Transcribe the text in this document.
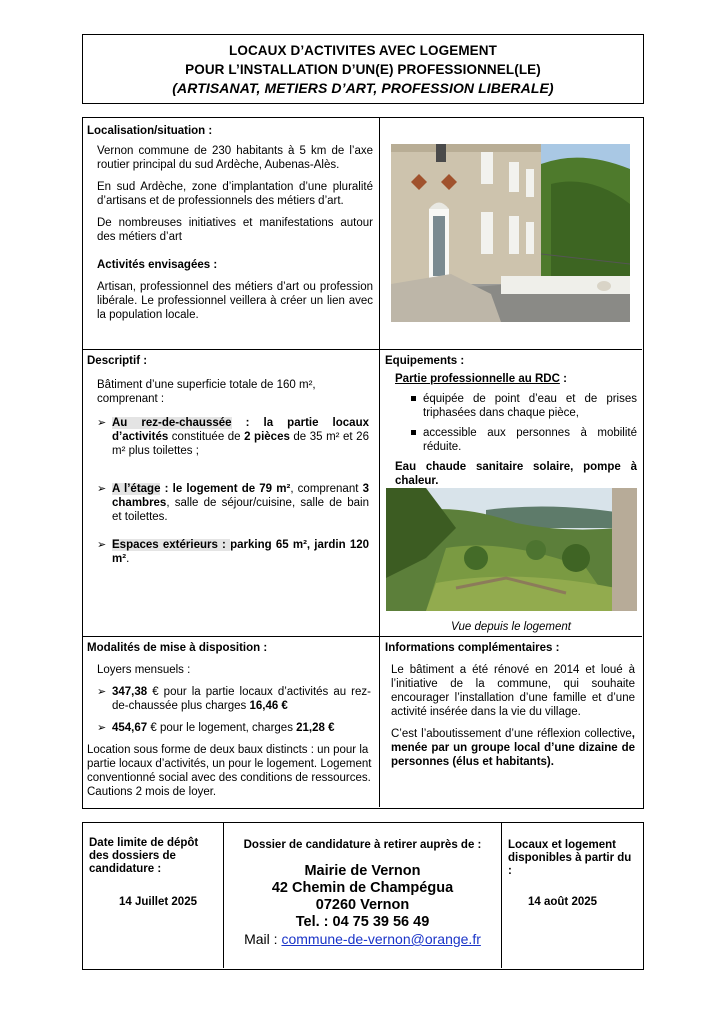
LOCAUX D’ACTIVITES AVEC LOGEMENT
POUR L’INSTALLATION D’UN(E) PROFESSIONNEL(LE)
(ARTISANAT, METIERS D’ART, PROFESSION LIBERALE)
Localisation/situation :

Vernon commune de 230 habitants à 5 km de l’axe routier principal du sud Ardèche, Aubenas-Alès.

En sud Ardèche, zone d’implantation d’une pluralité d’artisans et de professionnels des métiers d’art.

De nombreuses initiatives et manifestations autour des métiers d’art

Activités envisagées :

Artisan, professionnel des métiers d’art ou profession libérale. Le professionnel veillera à créer un lien avec la population locale.

Descriptif :
Bâtiment d’une superficie totale de 160 m², comprenant :
➢ Au rez-de-chaussée : la partie locaux d’activités constituée de 2 pièces de 35 m² et 26 m² plus toilettes ;
➢ A l’étage : le logement de 79 m², comprenant 3 chambres, salle de séjour/cuisine, salle de bain et toilettes.
➢ Espaces extérieurs : parking 65 m², jardin 120 m².
Equipements :
Partie professionnelle au RDC :
équipée de point d’eau et de prises triphasées dans chaque pièce,
accessible aux personnes à mobilité réduite.
Eau chaude sanitaire solaire, pompe à chaleur.
Vue depuis le logement
Modalités de mise à disposition :
Loyers mensuels :
➢ 347,38 € pour la partie locaux d’activités au rez-de-chaussée plus charges 16,46 €
➢ 454,67 € pour le logement, charges 21,28 €
Location sous forme de deux baux distincts : un pour la partie locaux d’activités, un pour le logement. Logement conventionné social avec des conditions de ressources. Cautions 2 mois de loyer.
Informations complémentaires :

Le bâtiment a été rénové en 2014 et loué à l’initiative de la commune, qui souhaite encourager l’installation d’une famille et d’une activité insérée dans la vie du village.

C’est l’aboutissement d’une réflexion collective, menée par un groupe local d’une dizaine de personnes (élus et habitants).

Date limite de dépôt des dossiers de candidature :
14 Juillet 2025
Dossier de candidature à retirer auprès de :
Mairie de Vernon
42 Chemin de Champégua
07260 Vernon
Tel. : 04 75 39 56 49
Mail : commune-de-vernon@orange.fr
Locaux et logement disponibles à partir du :
14 août 2025
